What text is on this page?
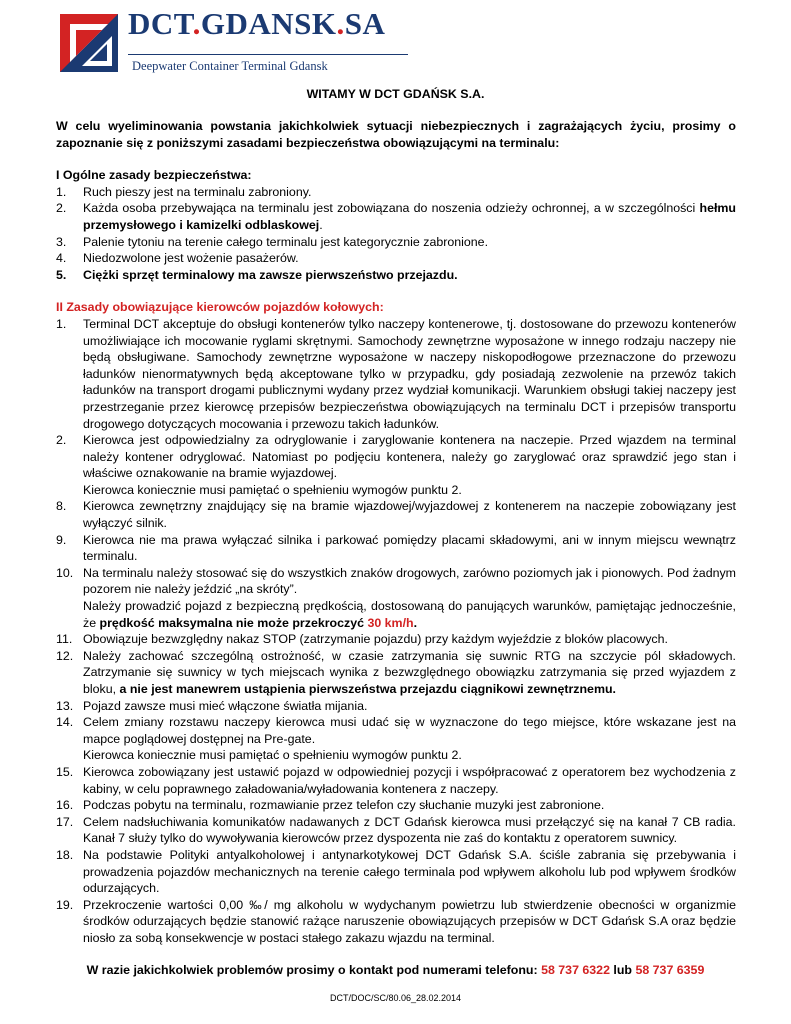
DCT.GDANSK.SA
Deepwater Container Terminal Gdansk
WITAMY W DCT GDAŃSK S.A.

W celu wyeliminowania powstania jakichkolwiek sytuacji niebezpiecznych i zagrażających życiu, prosimy o zapoznanie się z poniższymi zasadami bezpieczeństwa obowiązującymi na terminalu:

I Ogólne zasady bezpieczeństwa:

1. Ruch pieszy jest na terminalu zabroniony.
2. Każda osoba przebywająca na terminalu jest zobowiązana do noszenia odzieży ochronnej, a w szczególności hełmu przemysłowego i kamizelki odblaskowej.
3. Palenie tytoniu na terenie całego terminalu jest kategorycznie zabronione.
4. Niedozwolone jest wożenie pasażerów.
5. Ciężki sprzęt terminalowy ma zawsze pierwszeństwo przejazdu.

II Zasady obowiązujące kierowców pojazdów kołowych:

1. Terminal DCT akceptuje do obsługi kontenerów tylko naczepy kontenerowe, tj. dostosowane do przewozu kontenerów umożliwiające ich mocowanie ryglami skrętnymi. Samochody zewnętrzne wyposażone w innego rodzaju naczepy nie będą obsługiwane. Samochody zewnętrzne wyposażone w naczepy niskopodłogowe przeznaczone do przewozu ładunków nienormatywnych będą akceptowane tylko w przypadku, gdy posiadają zezwolenie na przewóz takich ładunków na transport drogami publicznymi wydany przez wydział komunikacji. Warunkiem obsługi takiej naczepy jest przestrzeganie przez kierowcę przepisów bezpieczeństwa obowiązujących na terminalu DCT i przepisów transportu drogowego dotyczących mocowania i przewozu takich ładunków.
2. Kierowca jest odpowiedzialny za odryglowanie i zaryglowanie kontenera na naczepie. Przed wjazdem na terminal należy kontener odryglować. Natomiast po podjęciu kontenera, należy go zaryglować oraz sprawdzić jego stan i właściwe oznakowanie na bramie wyjazdowej.
Kierowca koniecznie musi pamiętać o spełnieniu wymogów punktu 2.
8. Kierowca zewnętrzny znajdujący się na bramie wjazdowej/wyjazdowej z kontenerem na naczepie zobowiązany jest wyłączyć silnik.
9. Kierowca nie ma prawa wyłączać silnika i parkować pomiędzy placami składowymi, ani w innym miejscu wewnątrz terminalu.
10. Na terminalu należy stosować się do wszystkich znaków drogowych, zarówno poziomych jak i pionowych. Pod żadnym pozorem nie należy jeździć „na skróty”.
Należy prowadzić pojazd z bezpieczną prędkością, dostosowaną do panujących warunków, pamiętając jednocześnie, że prędkość maksymalna nie może przekroczyć 30 km/h.
11. Obowiązuje bezwzględny nakaz STOP (zatrzymanie pojazdu) przy każdym wyjeździe z bloków placowych.
12. Należy zachować szczególną ostrożność, w czasie zatrzymania się suwnic RTG na szczycie pól składowych. Zatrzymanie się suwnicy w tych miejscach wynika z bezwzględnego obowiązku zatrzymania się przed wyjazdem z bloku, a nie jest manewrem ustąpienia pierwszeństwa przejazdu ciągnikowi zewnętrznemu.
13. Pojazd zawsze musi mieć włączone światła mijania.
14. Celem zmiany rozstawu naczepy kierowca musi udać się w wyznaczone do tego miejsce, które wskazane jest na mapce poglądowej dostępnej na Pre-gate.
Kierowca koniecznie musi pamiętać o spełnieniu wymogów punktu 2.
15. Kierowca zobowiązany jest ustawić pojazd w odpowiedniej pozycji i współpracować z operatorem bez wychodzenia z kabiny, w celu poprawnego załadowania/wyładowania kontenera z naczepy.
16. Podczas pobytu na terminalu, rozmawianie przez telefon czy słuchanie muzyki jest zabronione.
17. Celem nadsłuchiwania komunikatów nadawanych z DCT Gdańsk kierowca musi przełączyć się na kanał 7 CB radia. Kanał 7 służy tylko do wywoływania kierowców przez dyspozenta nie zaś do kontaktu z operatorem suwnicy.
18. Na podstawie Polityki antyalkoholowej i antynarkotykowej DCT Gdańsk S.A. ściśle zabrania się przebywania i prowadzenia pojazdów mechanicznych na terenie całego terminala pod wpływem alkoholu lub pod wpływem środków odurzających.
19. Przekroczenie wartości 0,00 ‰/ mg alkoholu w wydychanym powietrzu lub stwierdzenie obecności w organizmie środków odurzających będzie stanowić rażące naruszenie obowiązujących przepisów w DCT Gdańsk S.A oraz będzie niosło za sobą konsekwencje w postaci stałego zakazu wjazdu na terminal.
W razie jakichkolwiek problemów prosimy o kontakt pod numerami telefonu: 58 737 6322 lub 58 737 6359
DCT/DOC/SC/80.06_28.02.2014
